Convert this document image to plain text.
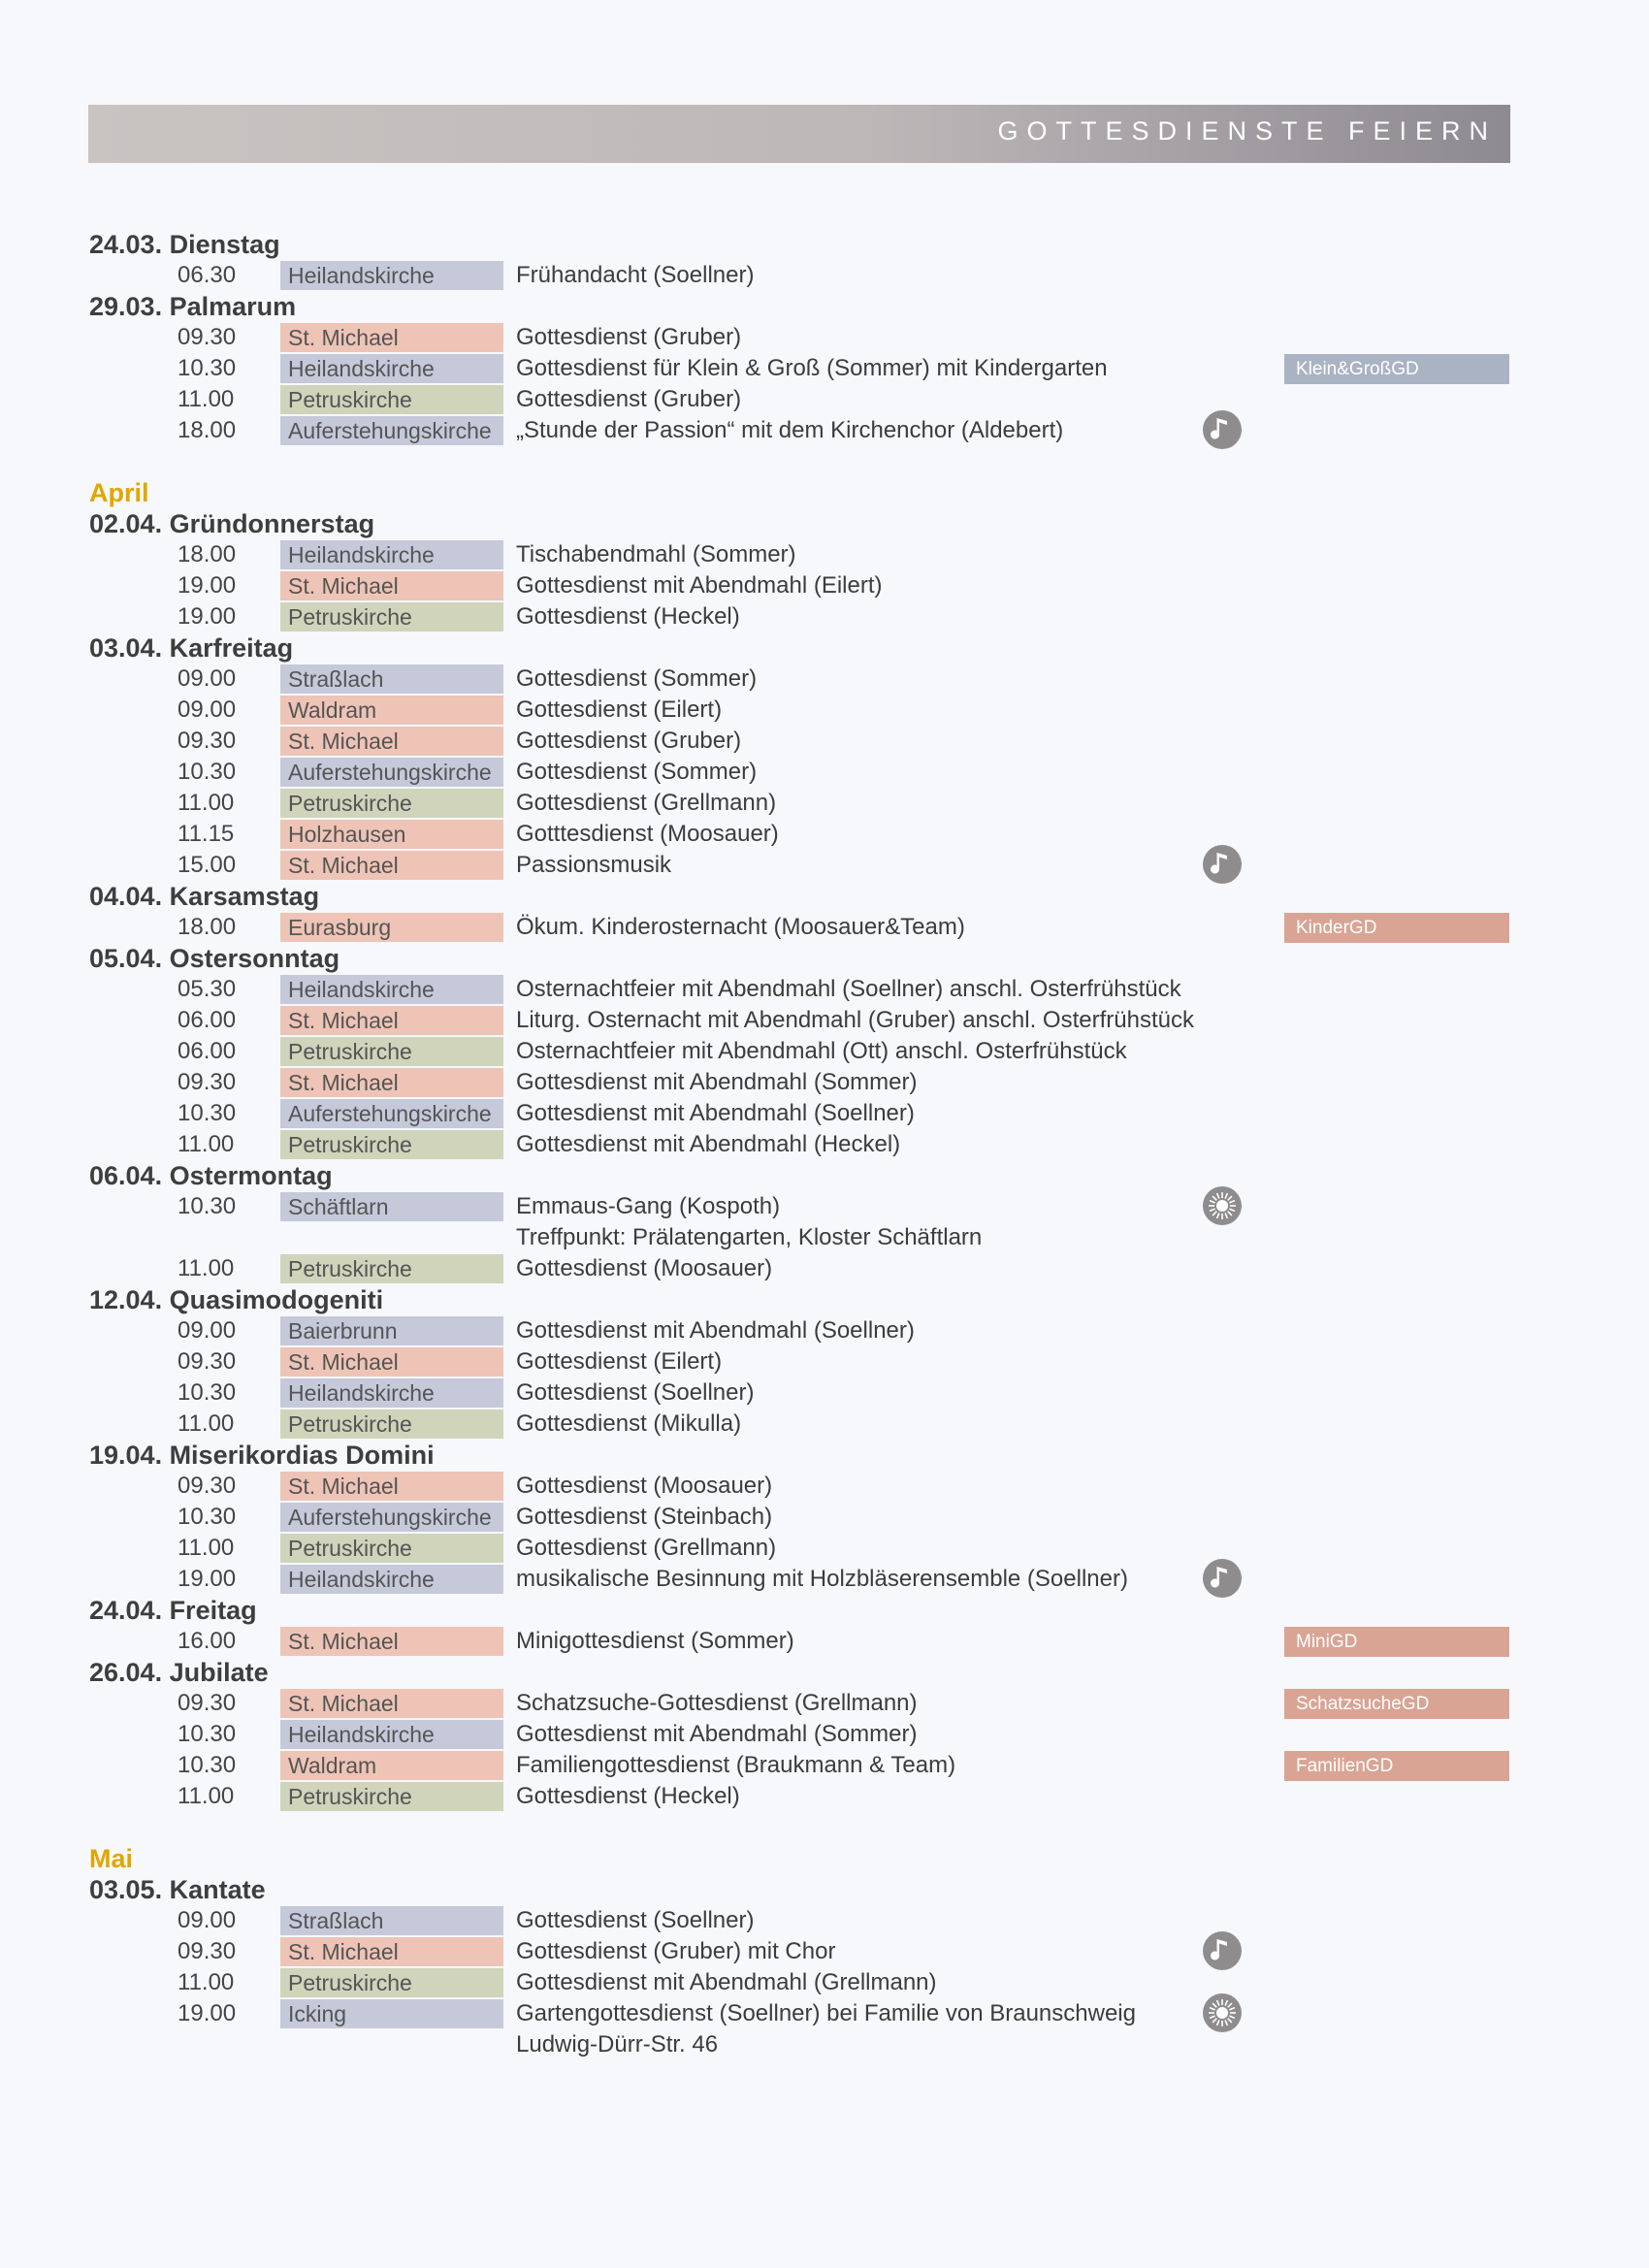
GOTTESDIENSTE FEIERN
24.03. Dienstag
06.30	Heilandskirche	Frühandacht (Soellner)
29.03. Palmarum
09.30	St. Michael	Gottesdienst (Gruber)
10.30	Heilandskirche	Gottesdienst für Klein & Groß (Sommer) mit Kindergarten	Klein&GroßGD
11.00	Petruskirche	Gottesdienst (Gruber)
18.00	Auferstehungskirche	„Stunde der Passion“ mit dem Kirchenchor (Aldebert)
April
02.04. Gründonnerstag
18.00	Heilandskirche	Tischabendmahl (Sommer)
19.00	St. Michael	Gottesdienst mit Abendmahl (Eilert)
19.00	Petruskirche	Gottesdienst (Heckel)
03.04. Karfreitag
09.00	Straßlach	Gottesdienst (Sommer)
09.00	Waldram	Gottesdienst (Eilert)
09.30	St. Michael	Gottesdienst (Gruber)
10.30	Auferstehungskirche	Gottesdienst (Sommer)
11.00	Petruskirche	Gottesdienst (Grellmann)
11.15	Holzhausen	Gotttesdienst (Moosauer)
15.00	St. Michael	Passionsmusik
04.04. Karsamstag
18.00	Eurasburg	Ökum. Kinderosternacht (Moosauer&Team)	KinderGD
05.04. Ostersonntag
05.30	Heilandskirche	Osternachtfeier mit Abendmahl (Soellner) anschl. Osterfrühstück
06.00	St. Michael	Liturg. Osternacht mit Abendmahl (Gruber) anschl. Osterfrühstück
06.00	Petruskirche	Osternachtfeier mit Abendmahl (Ott) anschl. Osterfrühstück
09.30	St. Michael	Gottesdienst mit Abendmahl (Sommer)
10.30	Auferstehungskirche	Gottesdienst mit Abendmahl (Soellner)
11.00	Petruskirche	Gottesdienst mit Abendmahl (Heckel)
06.04. Ostermontag
10.30	Schäftlarn	Emmaus-Gang (Kospoth)
Treffpunkt: Prälatengarten, Kloster Schäftlarn
11.00	Petruskirche	Gottesdienst (Moosauer)
12.04. Quasimodogeniti
09.00	Baierbrunn	Gottesdienst mit Abendmahl (Soellner)
09.30	St. Michael	Gottesdienst (Eilert)
10.30	Heilandskirche	Gottesdienst (Soellner)
11.00	Petruskirche	Gottesdienst (Mikulla)
19.04. Miserikordias Domini
09.30	St. Michael	Gottesdienst (Moosauer)
10.30	Auferstehungskirche	Gottesdienst (Steinbach)
11.00	Petruskirche	Gottesdienst (Grellmann)
19.00	Heilandskirche	musikalische Besinnung mit Holzbläserensemble (Soellner)
24.04. Freitag
16.00	St. Michael	Minigottesdienst (Sommer)	MiniGD
26.04. Jubilate
09.30	St. Michael	Schatzsuche-Gottesdienst (Grellmann)	SchatzsucheGD
10.30	Heilandskirche	Gottesdienst mit Abendmahl (Sommer)
10.30	Waldram	Familiengottesdienst (Braukmann & Team)	FamilienGD
11.00	Petruskirche	Gottesdienst (Heckel)
Mai
03.05. Kantate
09.00	Straßlach	Gottesdienst (Soellner)
09.30	St. Michael	Gottesdienst (Gruber) mit Chor
11.00	Petruskirche	Gottesdienst mit Abendmahl (Grellmann)
19.00	Icking	Gartengottesdienst (Soellner) bei Familie von Braunschweig
Ludwig-Dürr-Str. 46
